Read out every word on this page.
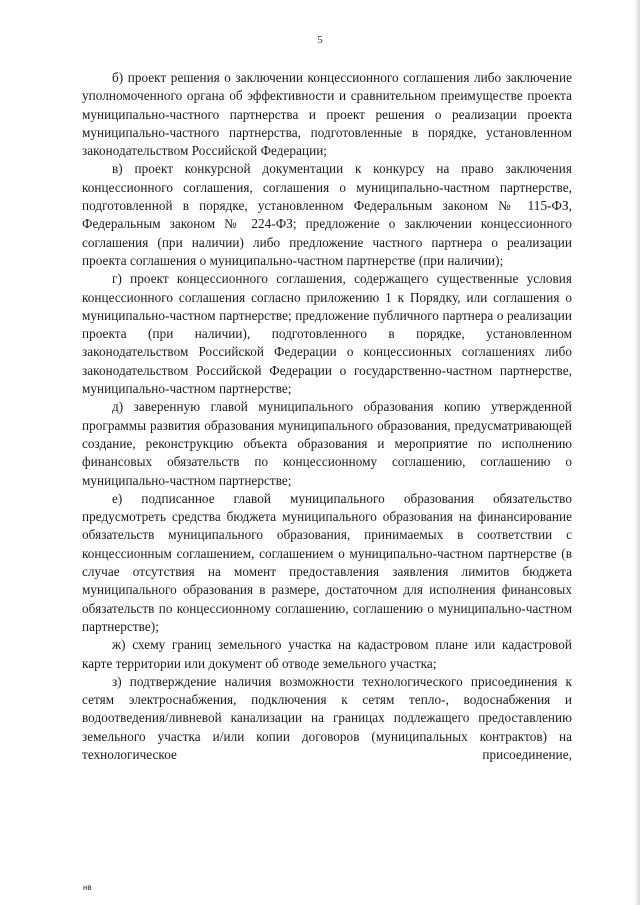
5

б) проект решения о заключении концессионного соглашения либо заключение уполномоченного органа об эффективности и сравнительном преимуществе проекта муниципально-частного партнерства и проект решения о реализации проекта муниципально-частного партнерства, подготовленные в порядке, установленном законодательством Российской Федерации;

в) проект конкурсной документации к конкурсу на право заключения концессионного соглашения, соглашения о муниципально-частном партнерстве, подготовленной в порядке, установленном Федеральным законом № 115-ФЗ, Федеральным законом № 224-ФЗ; предложение о заключении концессионного соглашения (при наличии) либо предложение частного партнера о реализации проекта соглашения о муниципально-частном партнерстве (при наличии);

г) проект концессионного соглашения, содержащего существенные условия концессионного соглашения согласно приложению 1 к Порядку, или соглашения о муниципально-частном партнерстве; предложение публичного партнера о реализации проекта (при наличии), подготовленного в порядке, установленном законодательством Российской Федерации о концессионных соглашениях либо законодательством Российской Федерации о государственно-частном партнерстве, муниципально-частном партнерстве;

д) заверенную главой муниципального образования копию утвержденной программы развития образования муниципального образования, предусматривающей создание, реконструкцию объекта образования и мероприятие по исполнению финансовых обязательств по концессионному соглашению, соглашению о муниципально-частном партнерстве;

е) подписанное главой муниципального образования обязательство предусмотреть средства бюджета муниципального образования на финансирование обязательств муниципального образования, принимаемых в соответствии с концессионным соглашением, соглашением о муниципально-частном партнерстве (в случае отсутствия на момент предоставления заявления лимитов бюджета муниципального образования в размере, достаточном для исполнения финансовых обязательств по концессионному соглашению, соглашению о муниципально-частном партнерстве);

ж) схему границ земельного участка на кадастровом плане или кадастровой карте территории или документ об отводе земельного участка;

з) подтверждение наличия возможности технологического присоединения к сетям электроснабжения, подключения к сетям тепло-, водоснабжения и водоотведения/ливневой канализации на границах подлежащего предоставлению земельного участка и/или копии договоров (муниципальных контрактов) на технологическое присоединение,

нв
